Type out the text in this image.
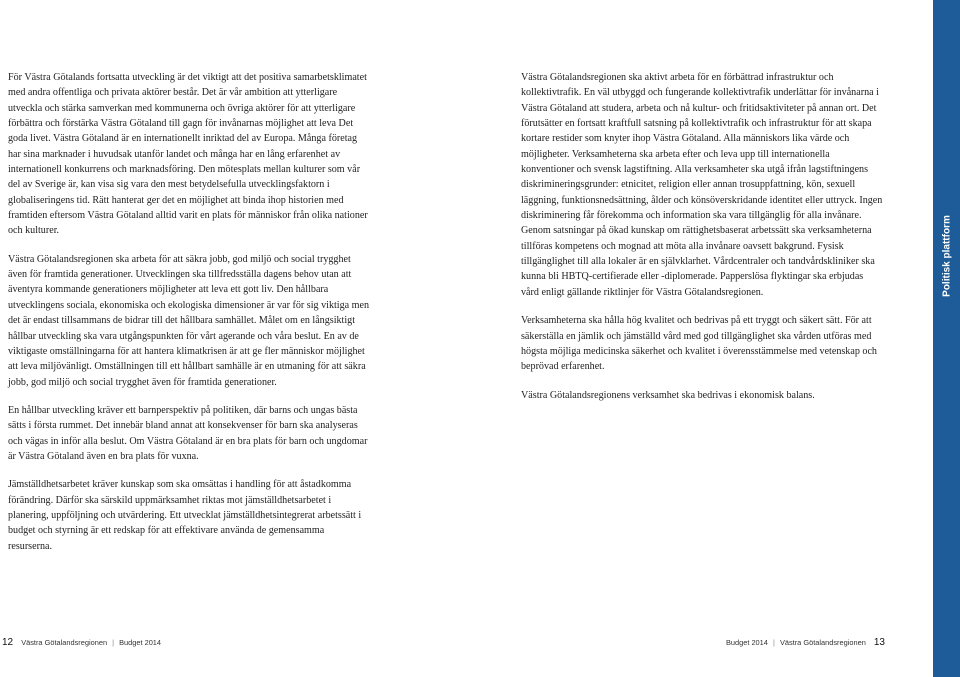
För Västra Götalands fortsatta utveckling är det viktigt att det positiva samarbetsklimatet med andra offentliga och privata aktörer består. Det är vår ambition att ytterligare utveckla och stärka samverkan med kommunerna och övriga aktörer för att ytterligare förbättra och förstärka Västra Götaland till gagn för invånarnas möjlighet att leva Det goda livet. Västra Götaland är en internationellt inriktad del av Europa. Många företag har sina marknader i huvudsak utanför landet och många har en lång erfarenhet av internationell konkurrens och marknadsföring. Den mötesplats mellan kulturer som vår del av Sverige är, kan visa sig vara den mest betydelsefulla utvecklingsfaktorn i globaliseringens tid. Rätt hanterat ger det en möjlighet att binda ihop historien med framtiden eftersom Västra Götaland alltid varit en plats för människor från olika nationer och kulturer.

Västra Götalandsregionen ska arbeta för att säkra jobb, god miljö och social trygghet även för framtida generationer. Utvecklingen ska tillfredsställa dagens behov utan att äventyra kommande generationers möjligheter att leva ett gott liv. Den hållbara utvecklingens sociala, ekonomiska och ekologiska dimensioner är var för sig viktiga men det är endast tillsammans de bidrar till det hållbara samhället. Målet om en långsiktigt hållbar utveckling ska vara utgångspunkten för vårt agerande och våra beslut. En av de viktigaste omställningarna för att hantera klimatkrisen är att ge fler människor möjlighet att leva miljövänligt. Omställningen till ett hållbart samhälle är en utmaning för att säkra jobb, god miljö och social trygghet även för framtida generationer.

En hållbar utveckling kräver ett barnperspektiv på politiken, där barns och ungas bästa sätts i första rummet. Det innebär bland annat att konsekvenser för barn ska analyseras och vägas in inför alla beslut. Om Västra Götaland är en bra plats för barn och ungdomar är Västra Götaland även en bra plats för vuxna.

Jämställdhetsarbetet kräver kunskap som ska omsättas i handling för att åstadkomma förändring. Därför ska särskild uppmärksamhet riktas mot jämställdhetsarbetet i planering, uppföljning och utvärdering. Ett utvecklat jämställdhetsintegrerat arbetssätt i budget och styrning är ett redskap för att effektivare använda de gemensamma resurserna.

Västra Götalandsregionen ska aktivt arbeta för en förbättrad infrastruktur och kollektivtrafik. En väl utbyggd och fungerande kollektivtrafik underlättar för invånarna i Västra Götaland att studera, arbeta och nå kultur- och fritidsaktiviteter på annan ort. Det förutsätter en fortsatt kraftfull satsning på kollektivtrafik och infrastruktur för att skapa kortare restider som knyter ihop Västra Götaland. Alla människors lika värde och möjligheter. Verksamheterna ska arbeta efter och leva upp till internationella konventioner och svensk lagstiftning. Alla verksamheter ska utgå ifrån lagstiftningens diskrimineringsgrunder: etnicitet, religion eller annan trosuppfattning, kön, sexuell läggning, funktionsnedsättning, ålder och könsöverskridande identitet eller uttryck. Ingen diskriminering får förekomma och information ska vara tillgänglig för alla invånare. Genom satsningar på ökad kunskap om rättighetsbaserat arbetssätt ska verksamheterna tillföras kompetens och mognad att möta alla invånare oavsett bakgrund. Fysisk tillgänglighet till alla lokaler är en självklarhet. Vårdcentraler och tandvårdskliniker ska kunna bli HBTQ-certifierade eller -diplomerade. Papperslösa flyktingar ska erbjudas vård enligt gällande riktlinjer för Västra Götalandsregionen.

Verksamheterna ska hålla hög kvalitet och bedrivas på ett tryggt och säkert sätt. För att säkerställa en jämlik och jämställd vård med god tillgänglighet ska vården utföras med högsta möjliga medicinska säkerhet och kvalitet i överensstämmelse med vetenskap och beprövad erfarenhet.

Västra Götalandsregionens verksamhet ska bedrivas i ekonomisk balans.

Politisk plattform
12 Västra Götalandsregionen | Budget 2014	Budget 2014 | Västra Götalandsregionen 13
